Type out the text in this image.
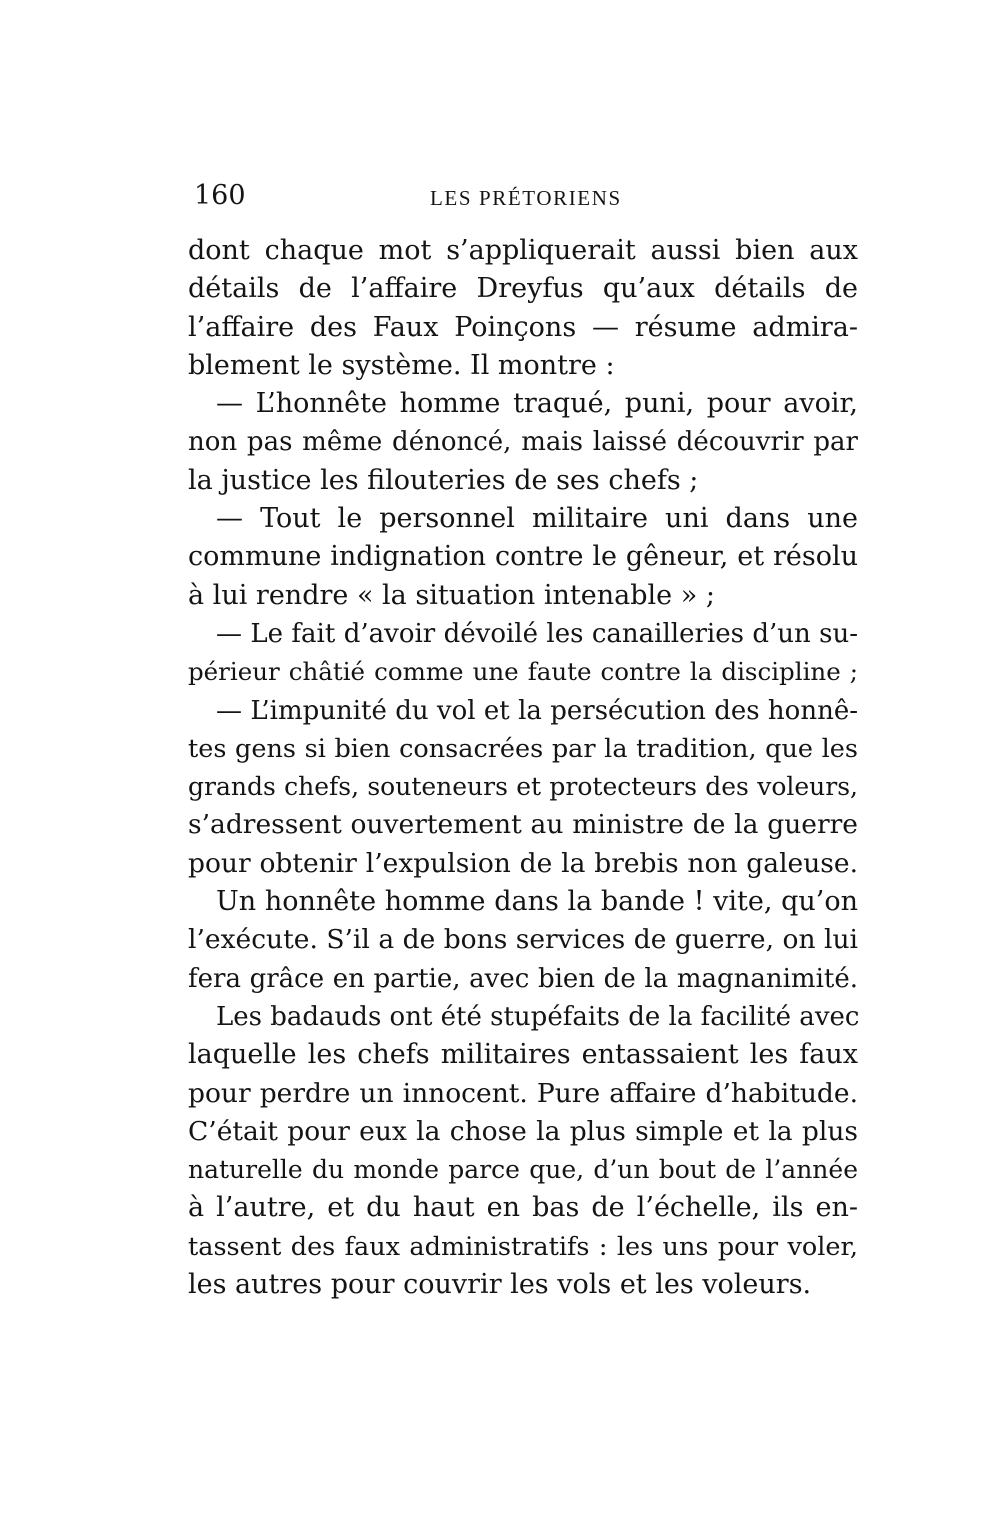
160	LES PRÉTORIENS
dont chaque mot s’appliquerait aussi bien aux
détails de l’affaire Dreyfus qu’aux détails de
l’affaire des Faux Poinçons — résume admira-
blement le système. Il montre :
— L’honnête homme traqué, puni, pour avoir,
non pas même dénoncé, mais laissé découvrir par
la justice les filouteries de ses chefs ;
— Tout le personnel militaire uni dans une
commune indignation contre le gêneur, et résolu
à lui rendre « la situation intenable » ;
— Le fait d’avoir dévoilé les canailleries d’un su-
périeur châtié comme une faute contre la discipline ;
— L’impunité du vol et la persécution des honnê-
tes gens si bien consacrées par la tradition, que les
grands chefs, souteneurs et protecteurs des voleurs,
s’adressent ouvertement au ministre de la guerre
pour obtenir l’expulsion de la brebis non galeuse.
Un honnête homme dans la bande ! vite, qu’on
l’exécute. S’il a de bons services de guerre, on lui
fera grâce en partie, avec bien de la magnanimité.
Les badauds ont été stupéfaits de la facilité avec
laquelle les chefs militaires entassaient les faux
pour perdre un innocent. Pure affaire d’habitude.
C’était pour eux la chose la plus simple et la plus
naturelle du monde parce que, d’un bout de l’année
à l’autre, et du haut en bas de l’échelle, ils en-
tassent des faux administratifs : les uns pour voler,
les autres pour couvrir les vols et les voleurs.
